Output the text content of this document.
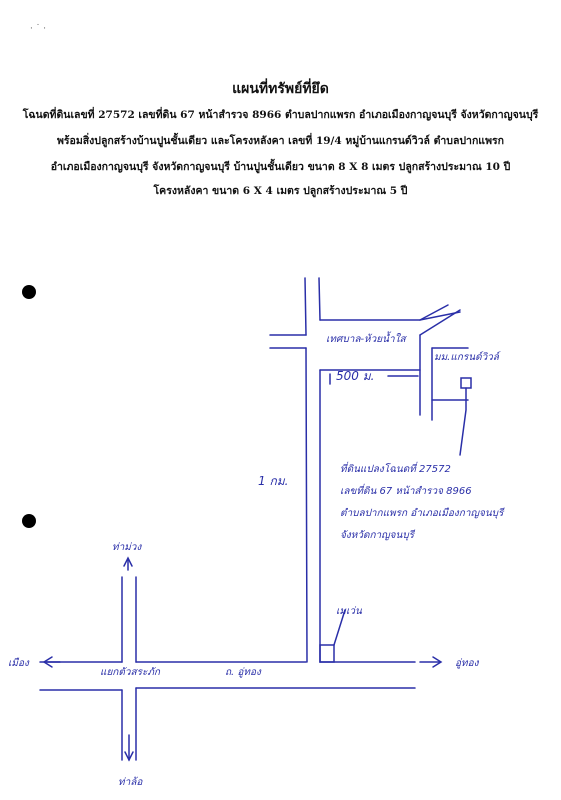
· ˙ ·
แผนที่ทรัพย์ที่ยึด
โฉนดที่ดินเลขที่ 27572 เลขที่ดิน 67 หน้าสำรวจ 8966 ตำบลปากแพรก อำเภอเมืองกาญจนบุรี จังหวัดกาญจนบุรี
พร้อมสิ่งปลูกสร้างบ้านปูนชั้นเดียว และโครงหลังคา เลขที่ 19/4 หมู่บ้านแกรนด์วิวล์ ตำบลปากแพรก
อำเภอเมืองกาญจนบุรี จังหวัดกาญจนบุรี บ้านปูนชั้นเดียว ขนาด 8 X 8 เมตร ปลูกสร้างประมาณ 10 ปี
โครงหลังคา ขนาด 6 X 4 เมตร ปลูกสร้างประมาณ 5 ปี
เทศบาล-ห้วยน้ำใส
มม.แกรนด์วิวล์
500 ม.
1 กม.
ที่ดินแปลงโฉนดที่ 27572
เลขที่ดิน 67 หน้าสำรวจ 8966
ตำบลปากแพรก อำเภอเมืองกาญจนบุรี
จังหวัดกาญจนบุรี
ท่าม่วง
ท่าล้อ
เมือง	อู่ทอง
แยกตัวสระภัก	ถ. อู่ทอง
เมเว่น
